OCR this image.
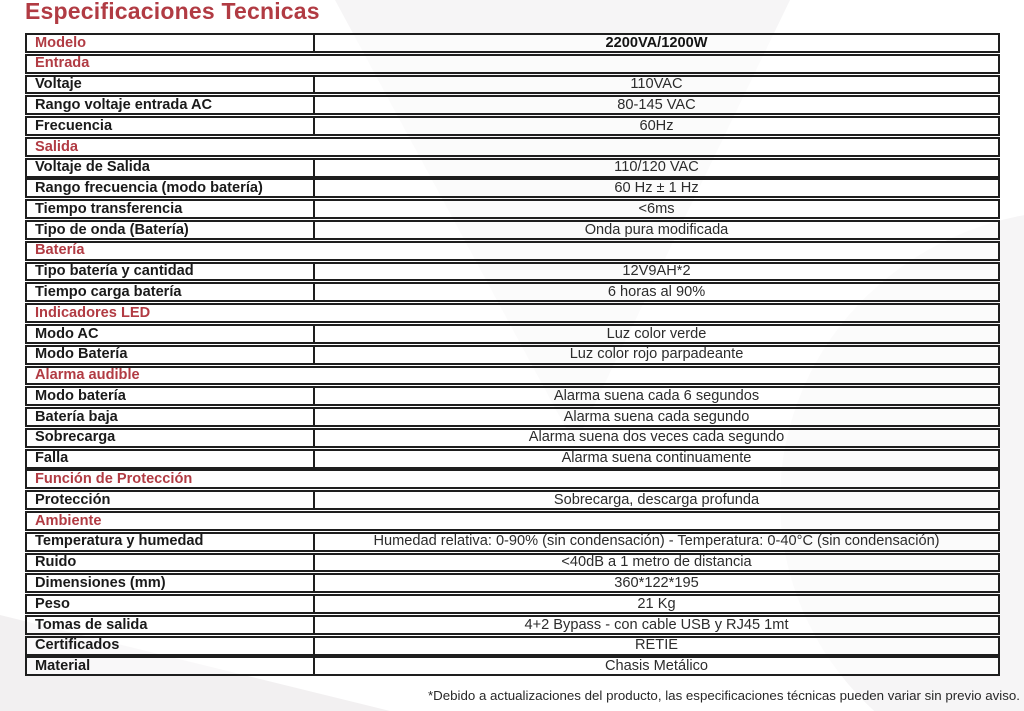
Especificaciones Tecnicas
Modelo	2200VA/1200W
Entrada
Voltaje	110VAC
Rango voltaje entrada AC	80-145 VAC
Frecuencia	60Hz
Salida
Voltaje de Salida	110/120 VAC
Rango frecuencia (modo batería)	60 Hz ± 1 Hz
Tiempo transferencia	<6ms
Tipo de onda (Batería)	Onda pura modificada
Batería
Tipo batería y cantidad	12V9AH*2
Tiempo carga batería	6 horas al 90%
Indicadores LED
Modo AC	Luz color verde
Modo Batería	Luz color rojo parpadeante
Alarma audible
Modo batería	Alarma suena cada 6 segundos
Batería baja	Alarma suena cada segundo
Sobrecarga	Alarma suena dos veces cada segundo
Falla	Alarma suena continuamente
Función de Protección
Protección	Sobrecarga, descarga profunda
Ambiente
Temperatura y humedad	Humedad relativa: 0-90% (sin condensación) - Temperatura: 0-40°C (sin condensación)
Ruido	<40dB a 1 metro de distancia
Dimensiones (mm)	360*122*195
Peso	21 Kg
Tomas de salida	4+2 Bypass - con cable USB y RJ45 1mt
Certificados	RETIE
Material	Chasis Metálico
*Debido a actualizaciones del producto, las especificaciones técnicas pueden variar sin previo aviso.
